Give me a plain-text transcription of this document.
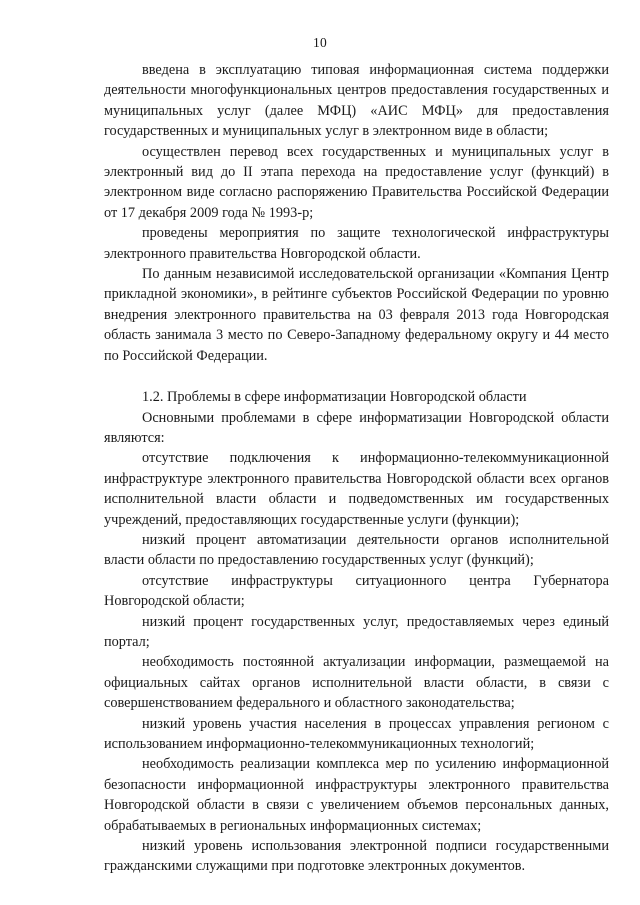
10

введена в эксплуатацию типовая информационная система поддержки деятельности многофункциональных центров предоставления государственных и муниципальных услуг (далее МФЦ) «АИС МФЦ» для предоставления государственных и муниципальных услуг в электронном виде в области;

осуществлен перевод всех государственных и муниципальных услуг в электронный вид до II этапа перехода на предоставление услуг (функций) в электронном виде согласно распоряжению Правительства Российской Федерации от 17 декабря 2009 года № 1993-р;

проведены мероприятия по защите технологической инфраструктуры электронного правительства Новгородской области.

По данным независимой исследовательской организации «Компания Центр прикладной экономики», в рейтинге субъектов Российской Федерации по уровню внедрения электронного правительства на 03 февраля 2013 года Новгородская область занимала 3 место по Северо-Западному федеральному округу и 44 место по Российской Федерации.

1.2. Проблемы в сфере информатизации Новгородской области

Основными проблемами в сфере информатизации Новгородской области являются:

отсутствие подключения к информационно-телекоммуникационной инфраструктуре электронного правительства Новгородской области всех органов исполнительной власти области и подведомственных им государственных учреждений, предоставляющих государственные услуги (функции);

низкий процент автоматизации деятельности органов исполнительной власти области по предоставлению государственных услуг (функций);

отсутствие инфраструктуры ситуационного центра Губернатора Новгородской области;

низкий процент государственных услуг, предоставляемых через единый портал;

необходимость постоянной актуализации информации, размещаемой на официальных сайтах органов исполнительной власти области, в связи с совершенствованием федерального и областного законодательства;

низкий уровень участия населения в процессах управления регионом с использованием информационно-телекоммуникационных технологий;

необходимость реализации комплекса мер по усилению информационной безопасности информационной инфраструктуры электронного правительства Новгородской области в связи с увеличением объемов персональных данных, обрабатываемых в региональных информационных системах;

низкий уровень использования электронной подписи государственными гражданскими служащими при подготовке электронных документов.
